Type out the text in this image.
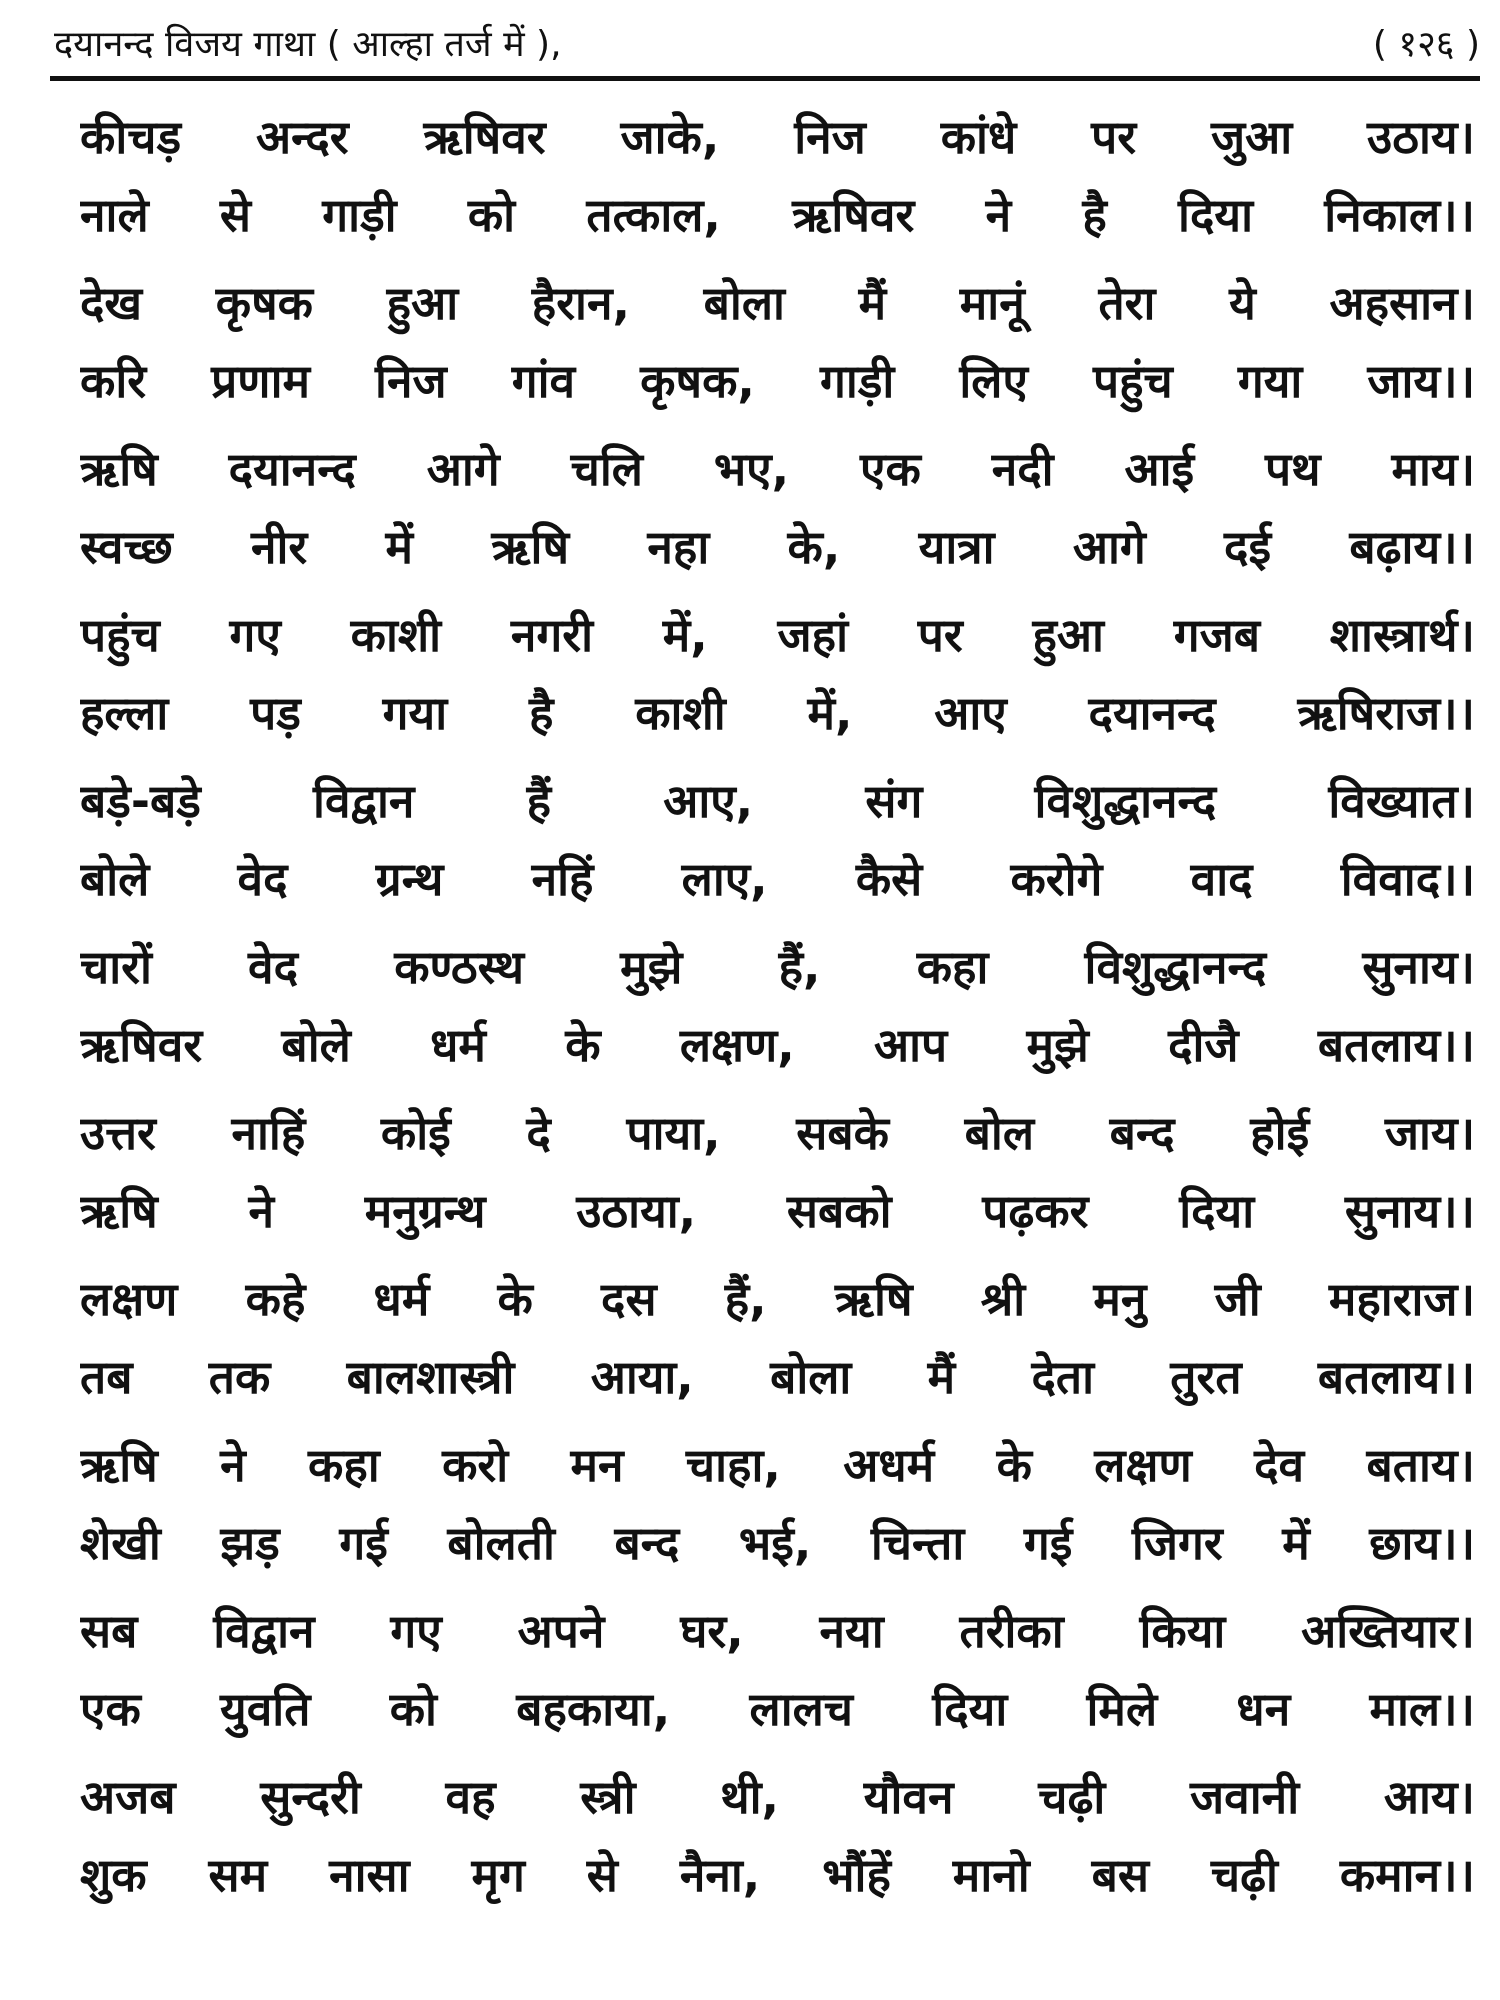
दयानन्द विजय गाथा ( आल्हा तर्ज में ),	( १२६ )
कीचड़ अन्दर ऋषिवर जाके, निज कांधे पर जुआ उठाय।
नाले से गाड़ी को तत्काल, ऋषिवर ने है दिया निकाल।।
देख कृषक हुआ हैरान, बोला मैं मानूं तेरा ये अहसान।
करि प्रणाम निज गांव कृषक, गाड़ी लिए पहुंच गया जाय।।
ऋषि दयानन्द आगे चलि भए, एक नदी आई पथ माय।
स्वच्छ नीर में ऋषि नहा के, यात्रा आगे दई बढ़ाय।।
पहुंच गए काशी नगरी में, जहां पर हुआ गजब शास्त्रार्थ।
हल्ला पड़ गया है काशी में, आए दयानन्द ऋषिराज।।
बड़े-बड़े विद्वान हैं आए, संग विशुद्धानन्द विख्यात।
बोले वेद ग्रन्थ नहिं लाए, कैसे करोगे वाद विवाद।।
चारों वेद कण्ठस्थ मुझे हैं, कहा विशुद्धानन्द सुनाय।
ऋषिवर बोले धर्म के लक्षण, आप मुझे दीजै बतलाय।।
उत्तर नाहिं कोई दे पाया, सबके बोल बन्द होई जाय।
ऋषि ने मनुग्रन्थ उठाया, सबको पढ़कर दिया सुनाय।।
लक्षण कहे धर्म के दस हैं, ऋषि श्री मनु जी महाराज।
तब तक बालशास्त्री आया, बोला मैं देता तुरत बतलाय।।
ऋषि ने कहा करो मन चाहा, अधर्म के लक्षण देव बताय।
शेखी झड़ गई बोलती बन्द भई, चिन्ता गई जिगर में छाय।।
सब विद्वान गए अपने घर, नया तरीका किया अख्तियार।
एक युवति को बहकाया, लालच दिया मिले धन माल।।
अजब सुन्दरी वह स्त्री थी, यौवन चढ़ी जवानी आय।
शुक सम नासा मृग से नैना, भौंहें मानो बस चढ़ी कमान।।
